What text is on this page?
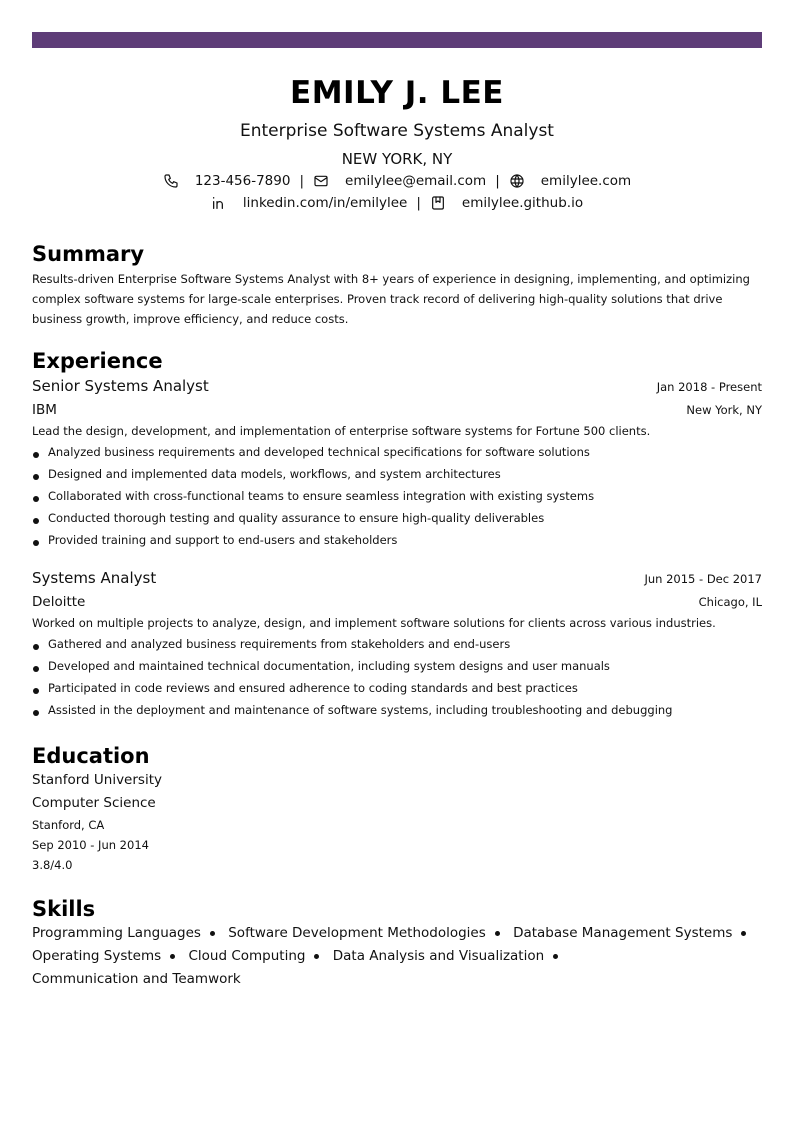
EMILY J. LEE
Enterprise Software Systems Analyst
NEW YORK, NY
123-456-7890 |	emilylee@email.com |	emilylee.com
linkedin.com/in/emilylee |	emilylee.github.io
Summary

Results-driven Enterprise Software Systems Analyst with 8+ years of experience in designing, implementing, and optimizing complex software systems for large-scale enterprises. Proven track record of delivering high-quality solutions that drive business growth, improve efficiency, and reduce costs.

Experience
Senior Systems Analyst	Jan 2018 - Present
IBM	New York, NY
Lead the design, development, and implementation of enterprise software systems for Fortune 500 clients.
Analyzed business requirements and developed technical specifications for software solutions
Designed and implemented data models, workflows, and system architectures
Collaborated with cross-functional teams to ensure seamless integration with existing systems
Conducted thorough testing and quality assurance to ensure high-quality deliverables
Provided training and support to end-users and stakeholders
Systems Analyst	Jun 2015 - Dec 2017
Deloitte	Chicago, IL
Worked on multiple projects to analyze, design, and implement software solutions for clients across various industries.
Gathered and analyzed business requirements from stakeholders and end-users
Developed and maintained technical documentation, including system designs and user manuals
Participated in code reviews and ensured adherence to coding standards and best practices
Assisted in the deployment and maintenance of software systems, including troubleshooting and debugging
Education
Stanford University
Computer Science
Stanford, CA
Sep 2010 - Jun 2014
3.8/4.0
Skills
Programming Languages Software Development Methodologies Database Management Systems
Operating Systems Cloud Computing Data Analysis and Visualization Communication and Teamwork
